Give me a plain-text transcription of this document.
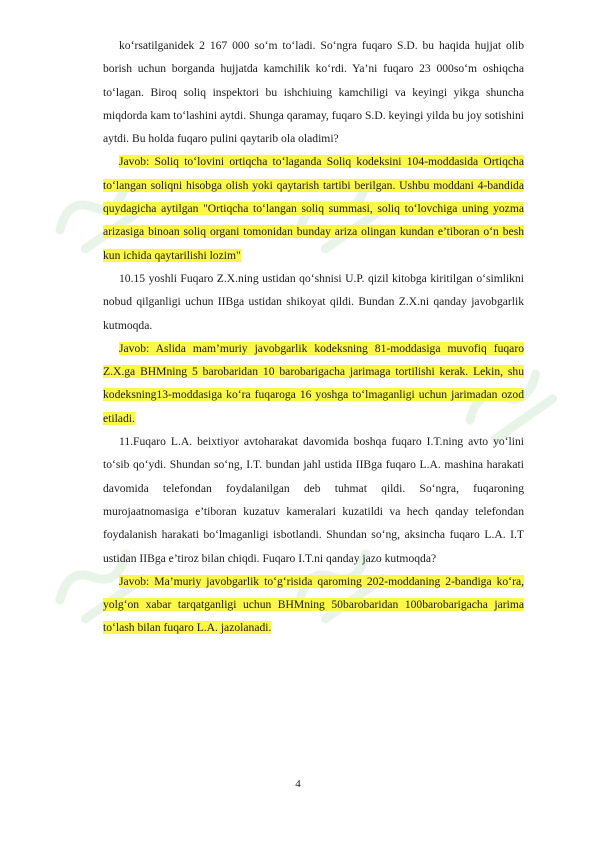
ko‘rsatilganidek 2 167 000 so‘m to‘ladi. So‘ngra fuqaro S.D. bu haqida hujjat olib borish uchun borganda hujjatda kamchilik ko‘rdi. Ya’ni fuqaro 23 000so‘m oshiqcha to‘lagan. Biroq soliq inspektori bu ishchiuing kamchiligi va keyingi yikga shuncha miqdorda kam to‘lashini aytdi. Shunga qaramay, fuqaro S.D. keyingi yilda bu joy sotishini aytdi. Bu holda fuqaro pulini qaytarib ola oladimi?

Javob: Soliq to‘lovini ortiqcha to‘laganda Soliq kodeksini 104-moddasida Ortiqcha to‘langan soliqni hisobga olish yoki qaytarish tartibi berilgan. Ushbu moddani 4-bandida quydagicha aytilgan "Ortiqcha to‘langan soliq summasi, soliq to‘lovchiga uning yozma arizasiga binoan soliq organi tomonidan bunday ariza olingan kundan e’tiboran o‘n besh kun ichida qaytarilishi lozim"

10.15 yoshli Fuqaro Z.X.ning ustidan qo‘shnisi U.P. qizil kitobga kiritilgan o‘simlikni nobud qilganligi uchun IIBga ustidan shikoyat qildi. Bundan Z.X.ni qanday javobgarlik kutmoqda.

Javob: Aslida mam’muriy javobgarlik kodeksning 81-moddasiga muvofiq fuqaro Z.X.ga BHMning 5 barobaridan 10 barobarigacha jarimaga tortilishi kerak. Lekin, shu kodeksning13-moddasiga ko‘ra fuqaroga 16 yoshga to‘lmaganligi uchun jarimadan ozod etiladi.

11.Fuqaro L.A. beixtiyor avtoharakat davomida boshqa fuqaro I.T.ning avto yo‘lini to‘sib qo‘ydi. Shundan so‘ng, I.T. bundan jahl ustida IIBga fuqaro L.A. mashina harakati davomida telefondan foydalanilgan deb tuhmat qildi. So‘ngra, fuqaroning murojaatnomasiga e’tiboran kuzatuv kameralari kuzatildi va hech qanday telefondan foydalanish harakati bo‘lmaganligi isbotlandi. Shundan so‘ng, aksincha fuqaro L.A. I.T ustidan IIBga e’tiroz bilan chiqdi. Fuqaro I.T.ni qanday jazo kutmoqda?

Javob: Ma’muriy javobgarlik to‘g‘risida qaroming 202-moddaning 2-bandiga ko‘ra, yolg‘on xabar tarqatganligi uchun BHMning 50barobaridan 100barobarigacha jarima to‘lash bilan fuqaro L.A. jazolanadi.

4
